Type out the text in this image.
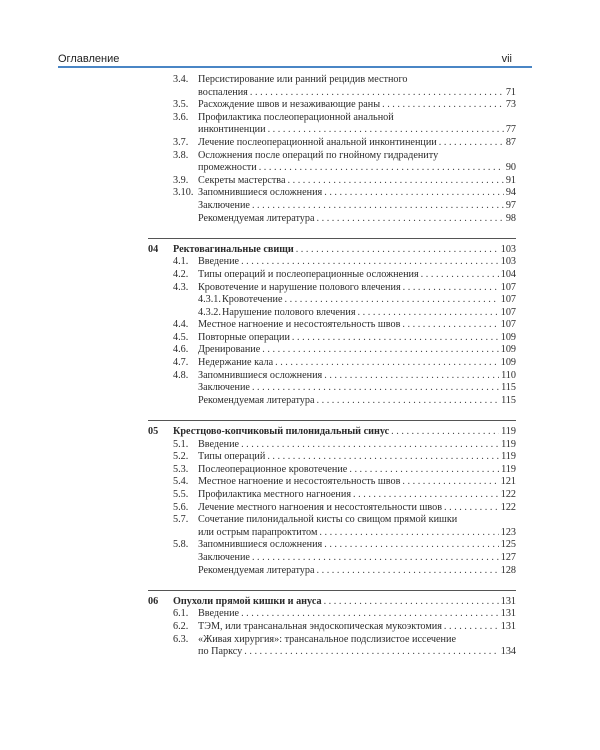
Оглавление	vii
3.4. Персистирование или ранний рецидив местного
воспаления . . .	71
3.5. Расхождение швов и незаживающие раны . . .	73
3.6. Профилактика послеоперационной анальной
инконтиненции . . .	77
3.7. Лечение послеоперационной анальной инконтиненции . . .	87
3.8. Осложнения после операций по гнойному гидрадениту
промежности . . .	90
3.9. Секреты мастерства . . .	91
3.10. Запомнившиеся осложнения . . .	94
Заключение . . .	97
Рекомендуемая литература . . .	98
04	Ректовагинальные свищи . . .	103
4.1. Введение . . .	103
4.2. Типы операций и послеоперационные осложнения . . .	104
4.3. Кровотечение и нарушение полового влечения . . .	107
4.3.1. Кровотечение . . .	107
4.3.2. Нарушение полового влечения . . .	107
4.4. Местное нагноение и несостоятельность швов . . .	107
4.5. Повторные операции . . .	109
4.6. Дренирование . . .	109
4.7. Недержание кала . . .	109
4.8. Запомнившиеся осложнения . . .	110
Заключение . . .	115
Рекомендуемая литература . . .	115
05	Крестцово-копчиковый пилонидальный синус . . .	119
5.1. Введение . . .	119
5.2. Типы операций . . .	119
5.3. Послеоперационное кровотечение . . .	119
5.4. Местное нагноение и несостоятельность швов . . .	121
5.5. Профилактика местного нагноения . . .	122
5.6. Лечение местного нагноения и несостоятельности швов . . .	122
5.7. Сочетание пилонидальной кисты со свищом прямой кишки
или острым парапроктитом . . .	123
5.8. Запомнившиеся осложнения . . .	125
Заключение . . .	127
Рекомендуемая литература . . .	128
06	Опухоли прямой кишки и ануса . . .	131
6.1. Введение . . .	131
6.2. ТЭМ, или трансанальная эндоскопическая мукоэктомия . . .	131
6.3. «Живая хирургия»: трансанальное подслизистое иссечение
по Парксу . . .	134
